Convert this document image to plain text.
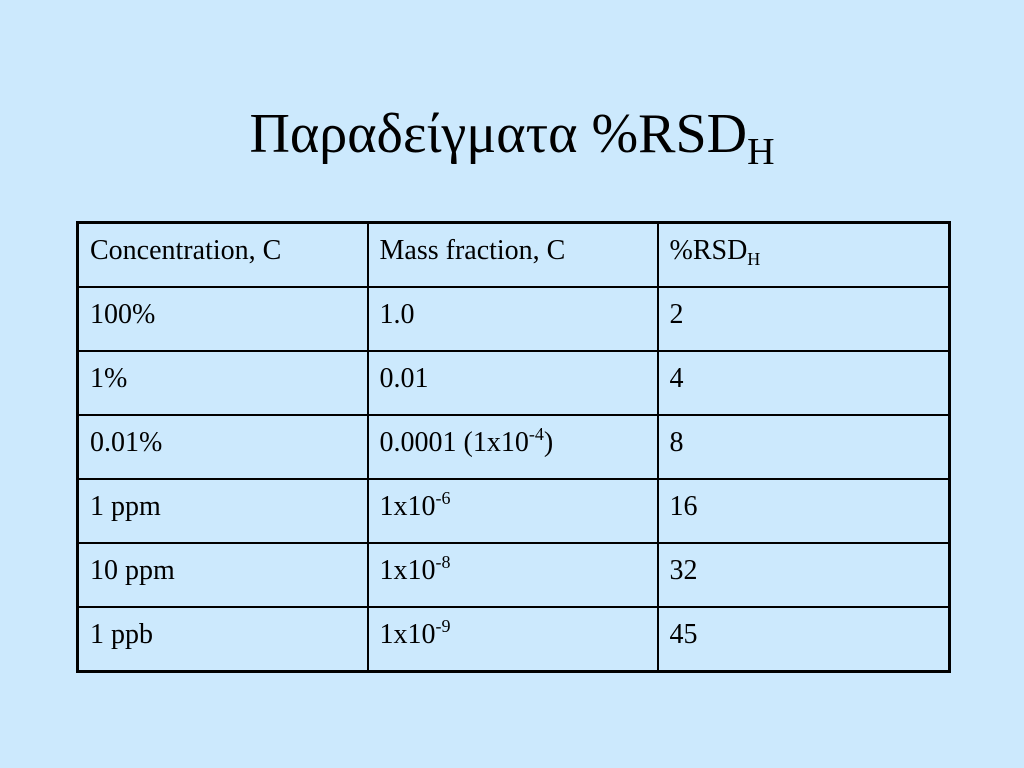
Παραδείγματα $\%RSD_H$
Concentration, C	Mass fraction, C	$\%RSD_H$
100%	1.0	2
1%	0.01	4
0.01%	0.0001 $(1x10^{-4})$	8
1 ppm	$1x10^{-6}$	16
10 ppm	$1x10^{-8}$	32
1 ppb	$1x10^{-9}$	45
